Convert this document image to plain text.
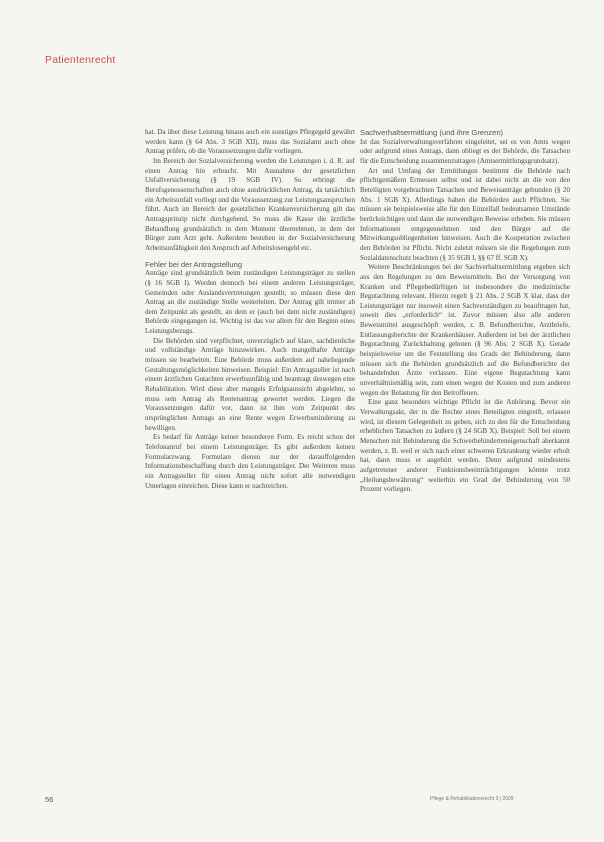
Patientenrecht

hat. Da über diese Leistung hinaus auch ein sonstiges Pflegegeld gewährt werden kann (§ 64 Abs. 3 SGB XII), muss das Sozialamt auch ohne Antrag prüfen, ob die Voraussetzungen dafür vorliegen.

Im Bereich der Sozialversicherung werden die Leistungen i. d. R. auf einen Antrag hin erbracht. Mit Ausnahme der gesetzlichen Unfallversicherung (§ 19 SGB IV). So erbringt die Berufsgenossenschaften auch ohne ausdrücklichen Antrag, da tatsächlich ein Arbeitsunfall vorliegt und die Voraussetzung zur Leistungsanspruchen führt. Auch im Bereich der gesetzlichen Krankenversicherung gilt das Antragsprinzip nicht durchgehend. So muss die Kasse die ärztliche Behandlung grundsätzlich in dem Moment übernehmen, in dem der Bürger zum Arzt geht. Außerdem bestehen in der Sozialversicherung Arbeitsunfähigkeit den Anspruch auf Arbeitslosengeld etc.

Fehler bei der Antragstellung

Anträge sind grundsätzlich beim zuständigen Leistungsträger zu stellen (§ 16 SGB I). Werden dennoch bei einem anderen Leistungsträger, Gemeinden oder Auslandsvertretungen gestellt, so müssen diese den Antrag an die zuständige Stelle weiterleiten. Der Antrag gilt immer ab dem Zeitpunkt als gestellt, an dem er (auch bei dem nicht zuständigen) Behörde eingegangen ist. Wichtig ist das vor allem für den Beginn eines Leistungsbezugs.

Die Behörden sind verpflichtet, unverzüglich auf klare, sachdienliche und vollständige Anträge hinzuwirken. Auch mangelhafte Anträge müssen sie bearbeiten. Eine Behörde muss außerdem auf naheliegende Gestaltungsmöglichkeiten hinweisen. Beispiel: Ein Antragsteller ist nach einem ärztlichen Gutachten erwerbsunfähig und beantragt deswegen eine Rehabilitation. Wird diese aber mangels Erfolgsaussicht abgelehnt, so muss sein Antrag als Rentenantrag gewertet werden. Liegen die Voraussetzungen dafür vor, dann ist ihm vom Zeitpunkt des ursprünglichen Antrags an eine Rente wegen Erwerbsminderung zu bewilligen.

Es bedarf für Anträge keiner besonderen Form. Es reicht schon der Telefonanruf bei einem Leistungsträger. Es gibt außerdem keinen Formularzwang. Formulare dienen nur der darauffolgenden Informationsbeschaffung durch den Leistungsträger. Der Weiteren muss ein Antragsteller für einen Antrag nicht sofort alle notwendigen Unterlagen einreichen. Diese kann er nachreichen.

Sachverhaltsermittlung (und ihre Grenzen)

Ist das Sozialverwaltungsverfahren eingeleitet, sei es von Amts wegen oder aufgrund eines Antrags, dann obliegt es der Behörde, die Tatsachen für die Entscheidung zusammenzutragen (Amtsermittlungsgrundsatz).

Art und Umfang der Ermittlungen bestimmt die Behörde nach pflichtgemäßem Ermessen selbst und ist dabei nicht an die von den Beteiligten vorgebrachten Tatsachen und Beweisanträge gebunden (§ 20 Abs. 1 SGB X). Allerdings haben die Behörden auch Pflichten. Sie müssen sie beispielsweise alle für den Einzelfall bedeutsamen Umstände berücksichtigen und dann die notwendigen Beweise erheben. Sie müssen Informationen entgegennehmen und den Bürger auf die Mitwirkungsobliegenheiten hinweisen. Auch die Kooperation zwischen den Behörden ist Pflicht. Nicht zuletzt müssen sie die Regelungen zum Sozialdatenschutz beachten (§ 35 SGB I, §§ 67 ff. SGB X).

Weitere Beschränkungen bei der Sachverhaltsermittlung ergeben sich aus den Regelungen zu den Beweismitteln. Bei der Versorgung von Kranken und Pflegebedürftigen ist insbesondere die medizinische Begutachtung relevant. Hierzu regelt § 21 Abs. 2 SGB X klar, dass der Leistungsträger nur insoweit einen Sachverständigen zu beauftragen hat, soweit dies „erforderlich“ ist. Zuvor müssen also alle anderen Beweismittel ausgeschöpft werden, z. B. Befundberichte, Arztbriefe, Entlassungsberichte der Krankenhäuser. Außerdem ist bei der ärztlichen Begutachtung Zurückhaltung geboten (§ 96 Abs. 2 SGB X). Gerade beispielsweise um die Feststellung des Grads der Behinderung, dann müssen sich die Behörden grundsätzlich auf die Befundberichte der behandelnden Ärzte verlassen. Eine eigene Begutachtung kann unverhältnismäßig sein, zum einen wegen der Kosten und zum anderen wegen der Belastung für den Betroffenen.

Eine ganz besonders wichtige Pflicht ist die Anhörung. Bevor ein Verwaltungsakt, der in die Rechte eines Beteiligten eingreift, erlassen wird, ist diesem Gelegenheit zu geben, sich zu den für die Entscheidung erheblichen Tatsachen zu äußern (§ 24 SGB X). Beispiel: Soll bei einem Menschen mit Behinderung die Schwerbehinderteneigenschaft aberkannt werden, z. B. weil er sich nach einer schweren Erkrankung wieder erholt hat, dann muss er angehört werden. Denn aufgrund mindestens aufgetretener anderer Funktionsbeeinträchtigungen könnte trotz „Heilungsbewährung“ weiterhin ein Grad der Behinderung von 50 Prozent vorliegen.

56	Pflege & Rehabilitationsrecht 3 | 2009
